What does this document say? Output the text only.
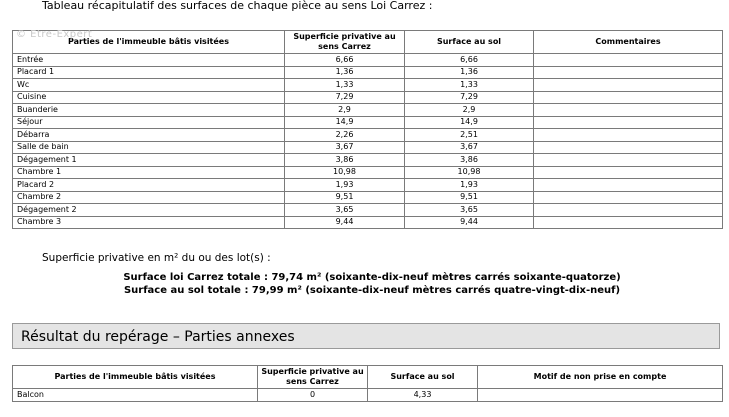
Tableau récapitulatif des surfaces de chaque pièce au sens Loi Carrez :
© Etre-Expert
Parties de l'immeuble bâtis visitées	Superficie privative au sens Carrez	Surface au sol	Commentaires
Entrée	6,66	6,66	
Placard 1	1,36	1,36	
Wc	1,33	1,33	
Cuisine	7,29	7,29	
Buanderie	2,9	2,9	
Séjour	14,9	14,9	
Débarra	2,26	2,51	
Salle de bain	3,67	3,67	
Dégagement 1	3,86	3,86	
Chambre 1	10,98	10,98	
Placard 2	1,93	1,93	
Chambre 2	9,51	9,51	
Dégagement 2	3,65	3,65	
Chambre 3	9,44	9,44	
Superficie privative en m² du ou des lot(s) :
Surface loi Carrez totale : 79,74 m² (soixante-dix-neuf mètres carrés soixante-quatorze)
Surface au sol totale : 79,99 m² (soixante-dix-neuf mètres carrés quatre-vingt-dix-neuf)
Résultat du repérage – Parties annexes
Parties de l'immeuble bâtis visitées	Superficie privative au sens Carrez	Surface au sol	Motif de non prise en compte
Balcon	0	4,33	
